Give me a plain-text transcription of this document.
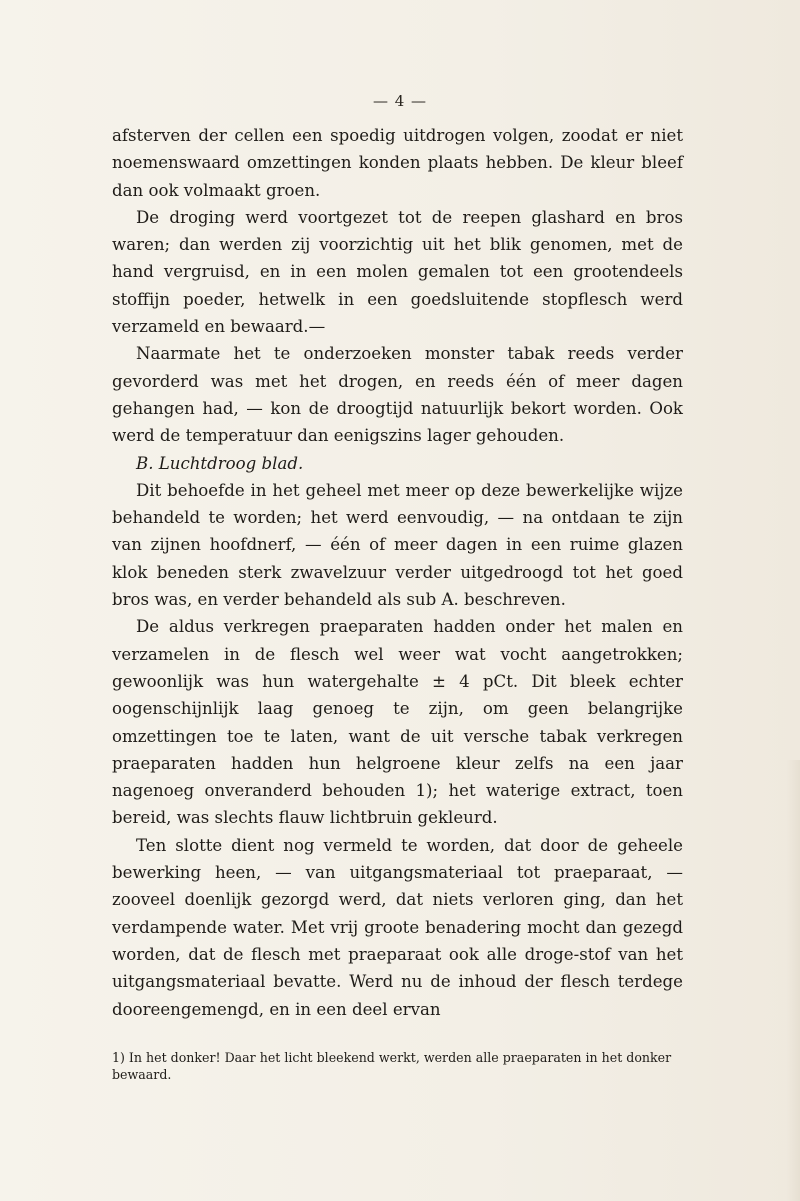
— 4 —

afsterven der cellen een spoedig uitdrogen volgen, zoodat er niet noemenswaard omzettingen konden plaats hebben. De kleur bleef dan ook volmaakt groen.

De droging werd voortgezet tot de reepen glashard en bros waren; dan werden zij voorzichtig uit het blik genomen, met de hand vergruisd, en in een molen gemalen tot een grootendeels stoffijn poeder, hetwelk in een goedsluitende stopflesch werd verzameld en bewaard.—

Naarmate het te onderzoeken monster tabak reeds verder gevorderd was met het drogen, en reeds één of meer dagen gehangen had, — kon de droogtijd natuurlijk bekort worden. Ook werd de temperatuur dan eenigszins lager gehouden.

B. Luchtdroog blad.

Dit behoefde in het geheel met meer op deze bewerkelijke wijze behandeld te worden; het werd eenvoudig, — na ontdaan te zijn van zijnen hoofdnerf, — één of meer dagen in een ruime glazen klok beneden sterk zwavelzuur verder uitgedroogd tot het goed bros was, en verder behandeld als sub A. beschreven.

De aldus verkregen praeparaten hadden onder het malen en verzamelen in de flesch wel weer wat vocht aangetrokken; gewoonlijk was hun watergehalte ± 4 pCt. Dit bleek echter oogenschijnlijk laag genoeg te zijn, om geen belangrijke omzettingen toe te laten, want de uit versche tabak verkregen praeparaten hadden hun helgroene kleur zelfs na een jaar nagenoeg onveranderd behouden 1); het waterige extract, toen bereid, was slechts flauw lichtbruin gekleurd.

Ten slotte dient nog vermeld te worden, dat door de geheele bewerking heen, — van uitgangsmateriaal tot praeparaat, — zooveel doenlijk gezorgd werd, dat niets verloren ging, dan het verdampende water. Met vrij groote benadering mocht dan gezegd worden, dat de flesch met praeparaat ook alle droge-stof van het uitgangsmateriaal bevatte. Werd nu de inhoud der flesch terdege dooreengemengd, en in een deel ervan

1) In het donker! Daar het licht bleekend werkt, werden alle praeparaten in het donker bewaard.
